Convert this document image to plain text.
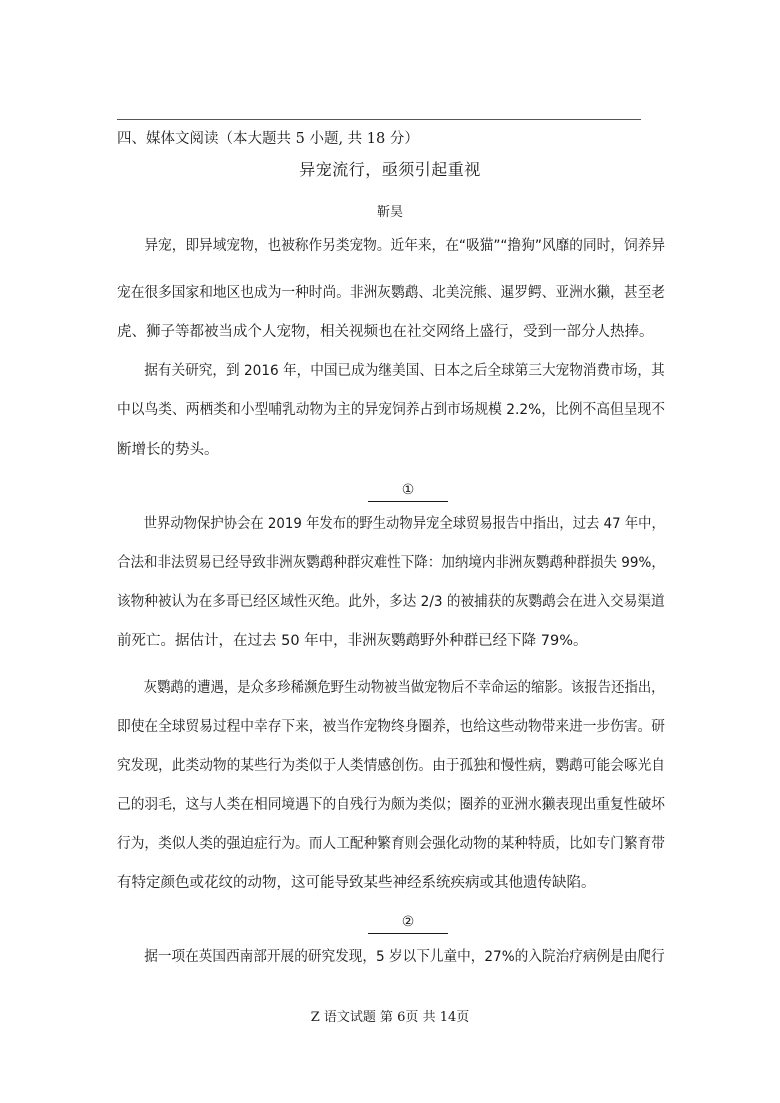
四、媒体文阅读（本大题共 5 小题, 共 18 分）
异宠流行，亟须引起重视
靳昊

　　异宠，即异域宠物，也被称作另类宠物。近年来，在“吸猫”“撸狗”风靡的同时，饲养异

宠在很多国家和地区也成为一种时尚。非洲灰鹦鹉、北美浣熊、暹罗鳄、亚洲水獭，甚至老

虎、狮子等都被当成个人宠物，相关视频也在社交网络上盛行，受到一部分人热捧。

　　据有关研究，到 2016 年，中国已成为继美国、日本之后全球第三大宠物消费市场，其

中以鸟类、两栖类和小型哺乳动物为主的异宠饲养占到市场规模 2.2%，比例不高但呈现不

断增长的势头。

①

　　世界动物保护协会在 2019 年发布的野生动物异宠全球贸易报告中指出，过去 47 年中，

合法和非法贸易已经导致非洲灰鹦鹉种群灾难性下降：加纳境内非洲灰鹦鹉种群损失 99%，

该物种被认为在多哥已经区域性灭绝。此外，多达 2/3 的被捕获的灰鹦鹉会在进入交易渠道

前死亡。据估计，在过去 50 年中，非洲灰鹦鹉野外种群已经下降 79%。

　　灰鹦鹉的遭遇，是众多珍稀濒危野生动物被当做宠物后不幸命运的缩影。该报告还指出，

即使在全球贸易过程中幸存下来，被当作宠物终身圈养，也给这些动物带来进一步伤害。研

究发现，此类动物的某些行为类似于人类情感创伤。由于孤独和慢性病，鹦鹉可能会啄光自

己的羽毛，这与人类在相同境遇下的自残行为颇为类似；圈养的亚洲水獭表现出重复性破坏

行为，类似人类的强迫症行为。而人工配种繁育则会强化动物的某种特质，比如专门繁育带

有特定颜色或花纹的动物，这可能导致某些神经系统疾病或其他遗传缺陷。

②

　　据一项在英国西南部开展的研究发现，5 岁以下儿童中，27%的入院治疗病例是由爬行

Z 语文试题 第 6页 共 14页
